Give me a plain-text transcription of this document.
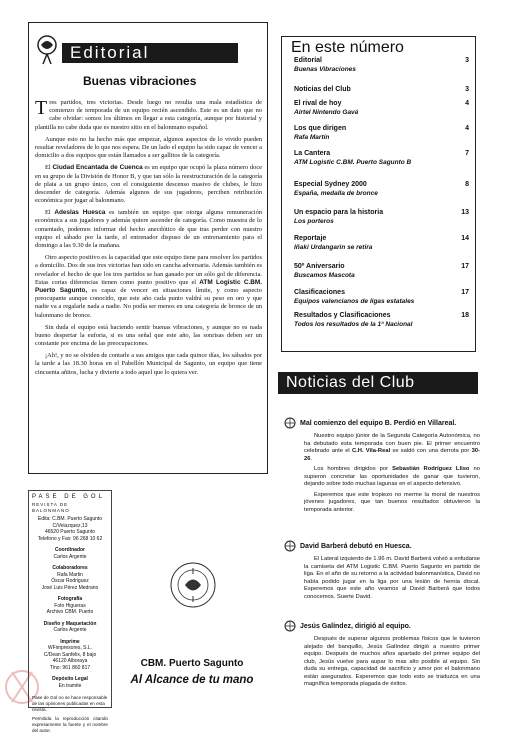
Editorial
Buenas vibraciones

Tres partidos, tres victorias. Desde luego no resulta una mala estadística de comienzo de temporada de un equipo recién ascendido. Este es un dato que no cabe olvidar: somos los últimos en llegar a esta categoría, aunque por historial y plantilla no cabe duda que es nuestro sitio en el balonmano español.

Aunque esto no ha hecho más que empezar, algunos aspectos de lo vivido pueden resultar reveladores de lo que nos espera. De un lado el equipo ha sido capaz de vencer a domicilio a dos equipos que están llamados a ser gallitos de la categoría.

El Ciudad Encantada de Cuenca es un equipo que ocupó la plaza número doce en su grupo de la División de Honor B, y que tan sólo la reestructuración de la categoría de plata a un grupo único, con el consiguiente descenso masivo de clubes, le hizo descender de categoría. Además algunos de sus jugadores, perciben retribución económica por jugar al balonmano.

El Adeslas Huesca es también un equipo que otorga alguna remuneración económica a sus jugadores y además quiere ascender de categoría. Como muestra de lo comentado, podemos informar del hecho anecdótico de que tras perder con nuestro equipo el sábado por la tarde, el entrenador dispuso de un entrenamiento para el domingo a las 9.30 de la mañana.

Otro aspecto positivo es la capacidad que este equipo tiene para resolver los partidos a domicilio. Dos de sus tres victorias han sido en cancha adversaria. Además también es revelador el hecho de que los tres partidos se han ganado por un sólo gol de diferencia. Estas cortas diferencias tienen como punto positivo que el ATM Logistic C.BM. Puerto Sagunto, es capaz de vencer en situaciones límite, y como aspecto preocupante aunque conocido, que este año cada punto valdrá su peso en oro y que nadie va a regalarle nada a nadie. No podía ser menos en una categoría de bronce de un balonmano de bronce.

Sin duda el equipo está haciendo sentir buenas vibraciones, y aunque no es nada bueno despertar la euforia, si es una señal que este año, las sonrisas deben ser un constante por encima de las preocupaciones.

¡Ah!, y no se olviden de contarle a sus amigos que cada quince días, los sábados por la tarde a las 18.30 horas en el Pabellón Municipal de Sagunto, un equipo que tiene cincuenta añitos, lucha y divierte a todo aquel que lo quiera ver.

PASE DE GOL
REVISTA DE BALONMANO
Edita: C.BM. Puerto Sagunto
C/Velazquez,13
46520 Puerto Sagunto
Telefono y Fax: 96 268 10 62
Coordinador
Carlos Argente
Colaboradores
Rafa Martin
Óscar Rodriguez
José Luis Pérez Medrano
Fotografía
Foto Higueras
Archivo CBM. Puerto
Diseño y Maquetación
Carlos Argente
Imprime
WFimpresores, S.L.
C/Dean Sanfelix, 8 bajo
46120 Alboraya
Tlno: 961 860 817
Depósito Legal
En tramite
Pase de Gol no se hace responsable de las opiniones publicadas en esta revista.
Permitida la reproducción citando expresamente la fuente y el nombre del autor.
CBM. Puerto Sagunto
Al Alcance de tu mano
En este número
Editorial
Buenas Vibraciones
3
Noticias del Club	3
El rival de hoy
Airtel Nintendo Gavá
4
Los que dirigen
Rafa Martín
4
La Cantera
ATM Logistic C.BM. Puerto Sagunto B
7
Especial Sydney 2000
España, medalla de bronce
8
Un espacio para la historia
Los porteros
13
Reportaje
Iñaki Urdangarin se retira
14
50º Aniversario
Buscamos Mascota
17
Clasificaciones
Equipos valencianos de ligas estatales
17
Resultados y Clasificaciones
Todos los resultados de la 1ª Nacional
18
Noticias del Club
Mal comienzo del equipo B. Perdió en Villareal.

Nuestro equipo júnior de la Segunda Categoría Autonómica, no ha debutado esta temporada con buen pie. El primer encuentro celebrado ante el C.H. Vila-Real se saldó con una derrota por 30-26.

Los hombres dirigidos por Sebastián Rodríguez Lliso no supieron concretar las oportunidades de ganar que tuvieron, dejando sobre todo muchas lagunas en el aspecto defensivo.

Esperemos que este tropiezo no merme la moral de nuestros jóvenes jugadores, que tan buenos resultados obtuvieron la temporada anterior.

David Barberá debutó en Huesca.

El Lateral izquierdo de 1.96 m. David Barberá volvió a enfudarse la camiseta del ATM Logistic C.BM. Puerto Sagunto en partido de liga. En el año de su retorno a la actividad balonmanística, David no había podido jugar en la liga por una lesión de hernia discal. Esperemos que este año veamos al David Barberá que todos conocemos. Suerte David.

Jesús Galíndez, dirigió al equipo.

Después de superar algunos problemas físicos que le tuvieron alejado del banquillo, Jesús Galíndez dirigió a nuestro primer equipo. Después de muchos años apartado del primer equipo del club, Jesús vuelve para aupar lo mas alto posible al equipo. Sin duda su entrega, capacidad de sacrificio y amor por el balonmano están asegurados. Esperemos que todo esto se traduzca en una magnífica temporada plagada de éxitos.
